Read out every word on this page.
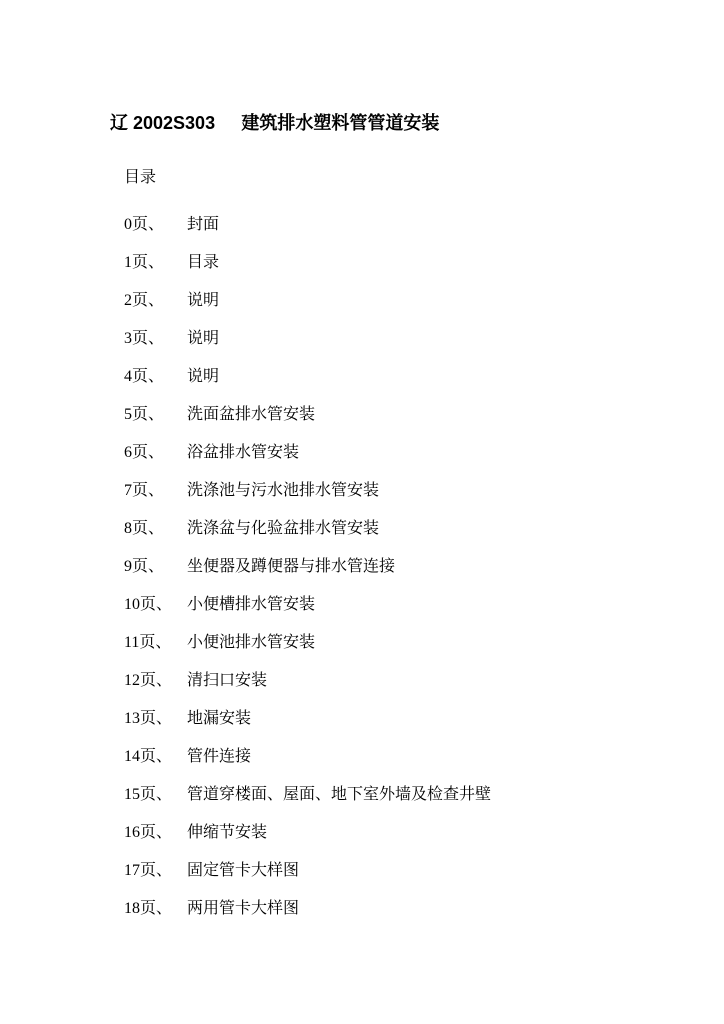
辽 2002S303 建筑排水塑料管管道安装
目录
0页、	封面
1页、	目录
2页、	说明
3页、	说明
4页、	说明
5页、	洗面盆排水管安装
6页、	浴盆排水管安装
7页、	洗涤池与污水池排水管安装
8页、	洗涤盆与化验盆排水管安装
9页、	坐便器及蹲便器与排水管连接
10页、 小便槽排水管安装
11页、 小便池排水管安装
12页、 清扫口安装
13页、 地漏安装
14页、 管件连接
15页、 管道穿楼面、屋面、地下室外墙及检查井壁
16页、 伸缩节安装
17页、 固定管卡大样图
18页、 两用管卡大样图
